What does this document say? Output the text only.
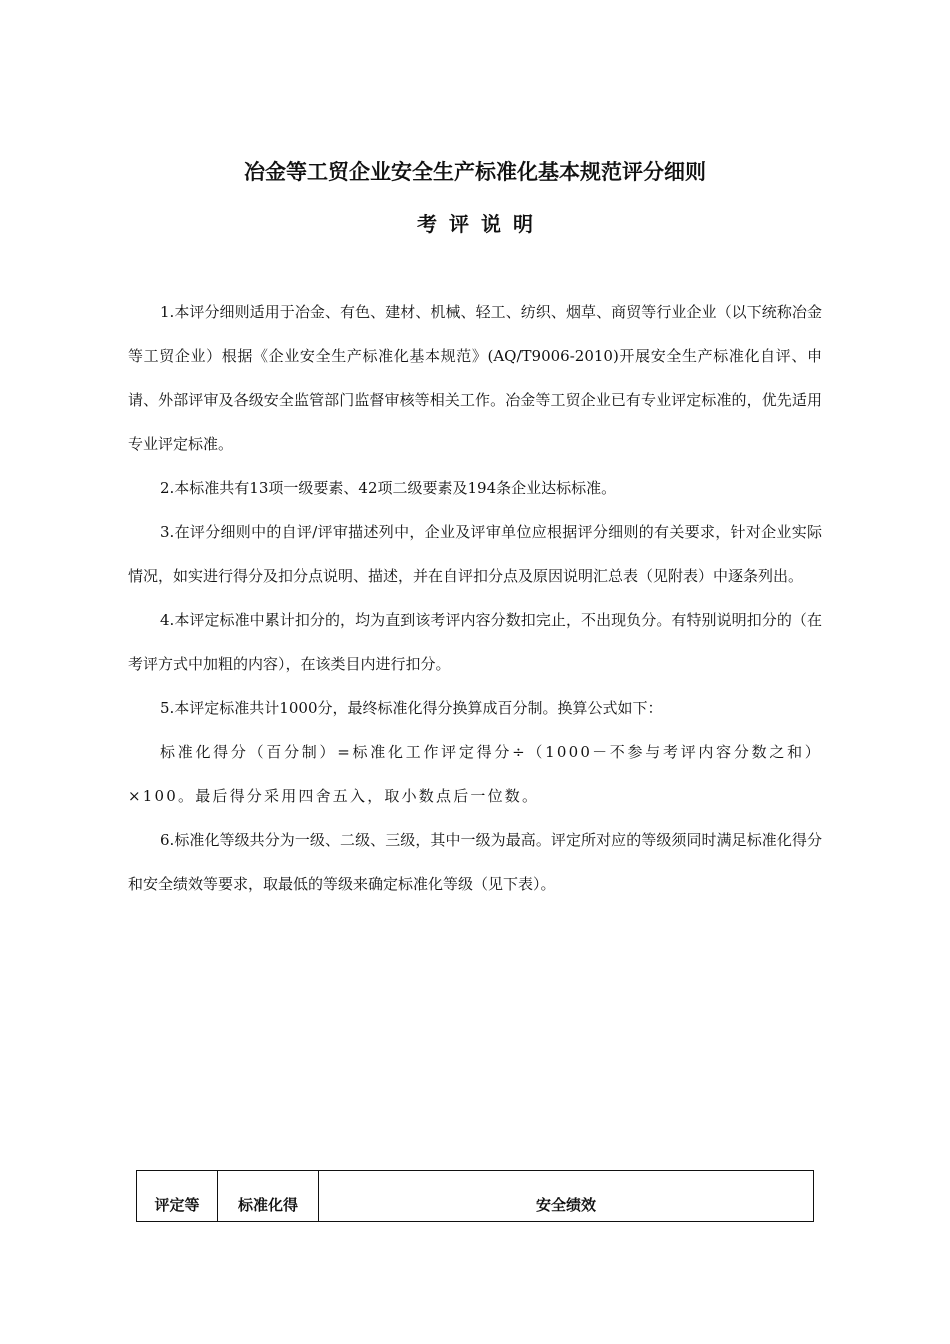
冶金等工贸企业安全生产标准化基本规范评分细则
考评说明

1.本评分细则适用于冶金、有色、建材、机械、轻工、纺织、烟草、商贸等行业企业（以下统称冶金等工贸企业）根据《企业安全生产标准化基本规范》(AQ/T9006-2010)开展安全生产标准化自评、申请、外部评审及各级安全监管部门监督审核等相关工作。冶金等工贸企业已有专业评定标准的，优先适用专业评定标准。

2.本标准共有13项一级要素、42项二级要素及194条企业达标标准。

3.在评分细则中的自评/评审描述列中，企业及评审单位应根据评分细则的有关要求，针对企业实际情况，如实进行得分及扣分点说明、描述，并在自评扣分点及原因说明汇总表（见附表）中逐条列出。

4.本评定标准中累计扣分的，均为直到该考评内容分数扣完止，不出现负分。有特别说明扣分的（在考评方式中加粗的内容），在该类目内进行扣分。

5.本评定标准共计1000分，最终标准化得分换算成百分制。换算公式如下：

标准化得分（百分制）=标准化工作评定得分÷（1000－不参与考评内容分数之和）×100。最后得分采用四舍五入，取小数点后一位数。

6.标准化等级共分为一级、二级、三级，其中一级为最高。评定所对应的等级须同时满足标准化得分和安全绩效等要求，取最低的等级来确定标准化等级（见下表）。

评定等	标准化得	安全绩效
